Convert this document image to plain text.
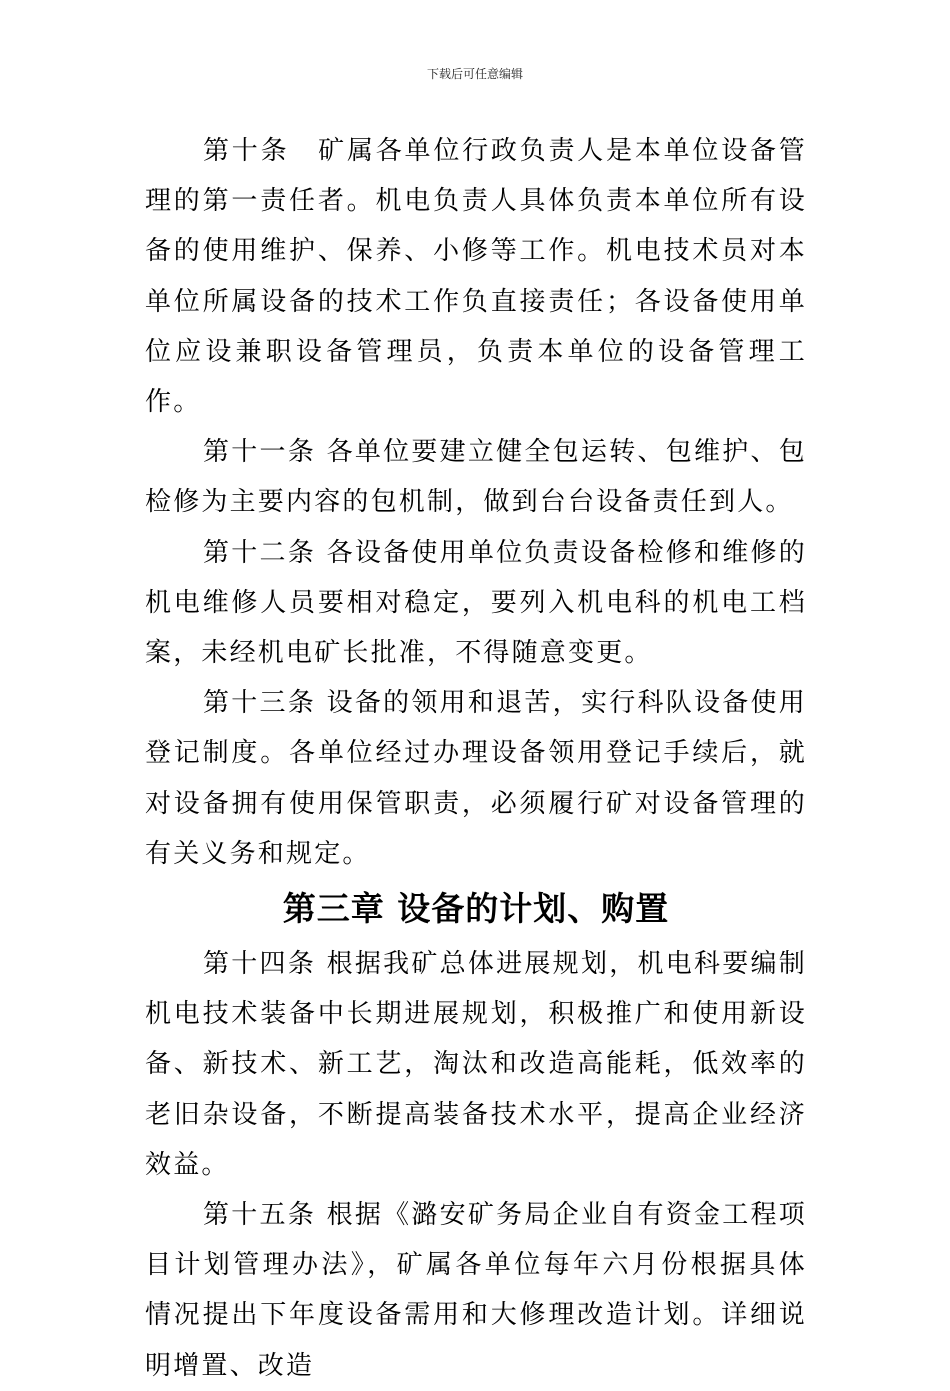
下载后可任意编辑

第十条　矿属各单位行政负责人是本单位设备管理的第一责任者。机电负责人具体负责本单位所有设备的使用维护、保养、小修等工作。机电技术员对本单位所属设备的技术工作负直接责任；各设备使用单位应设兼职设备管理员，负责本单位的设备管理工作。

第十一条 各单位要建立健全包运转、包维护、包检修为主要内容的包机制，做到台台设备责任到人。

第十二条 各设备使用单位负责设备检修和维修的机电维修人员要相对稳定，要列入机电科的机电工档案，未经机电矿长批准，不得随意变更。

第十三条 设备的领用和退苦，实行科队设备使用登记制度。各单位经过办理设备领用登记手续后，就对设备拥有使用保管职责，必须履行矿对设备管理的有关义务和规定。

第三章 设备的计划、购置

第十四条 根据我矿总体进展规划，机电科要编制机电技术装备中长期进展规划，积极推广和使用新设备、新技术、新工艺，淘汰和改造高能耗，低效率的老旧杂设备，不断提高装备技术水平，提高企业经济效益。

第十五条 根据《潞安矿务局企业自有资金工程项目计划管理办法》，矿属各单位每年六月份根据具体情况提出下年度设备需用和大修理改造计划。详细说明增置、改造
